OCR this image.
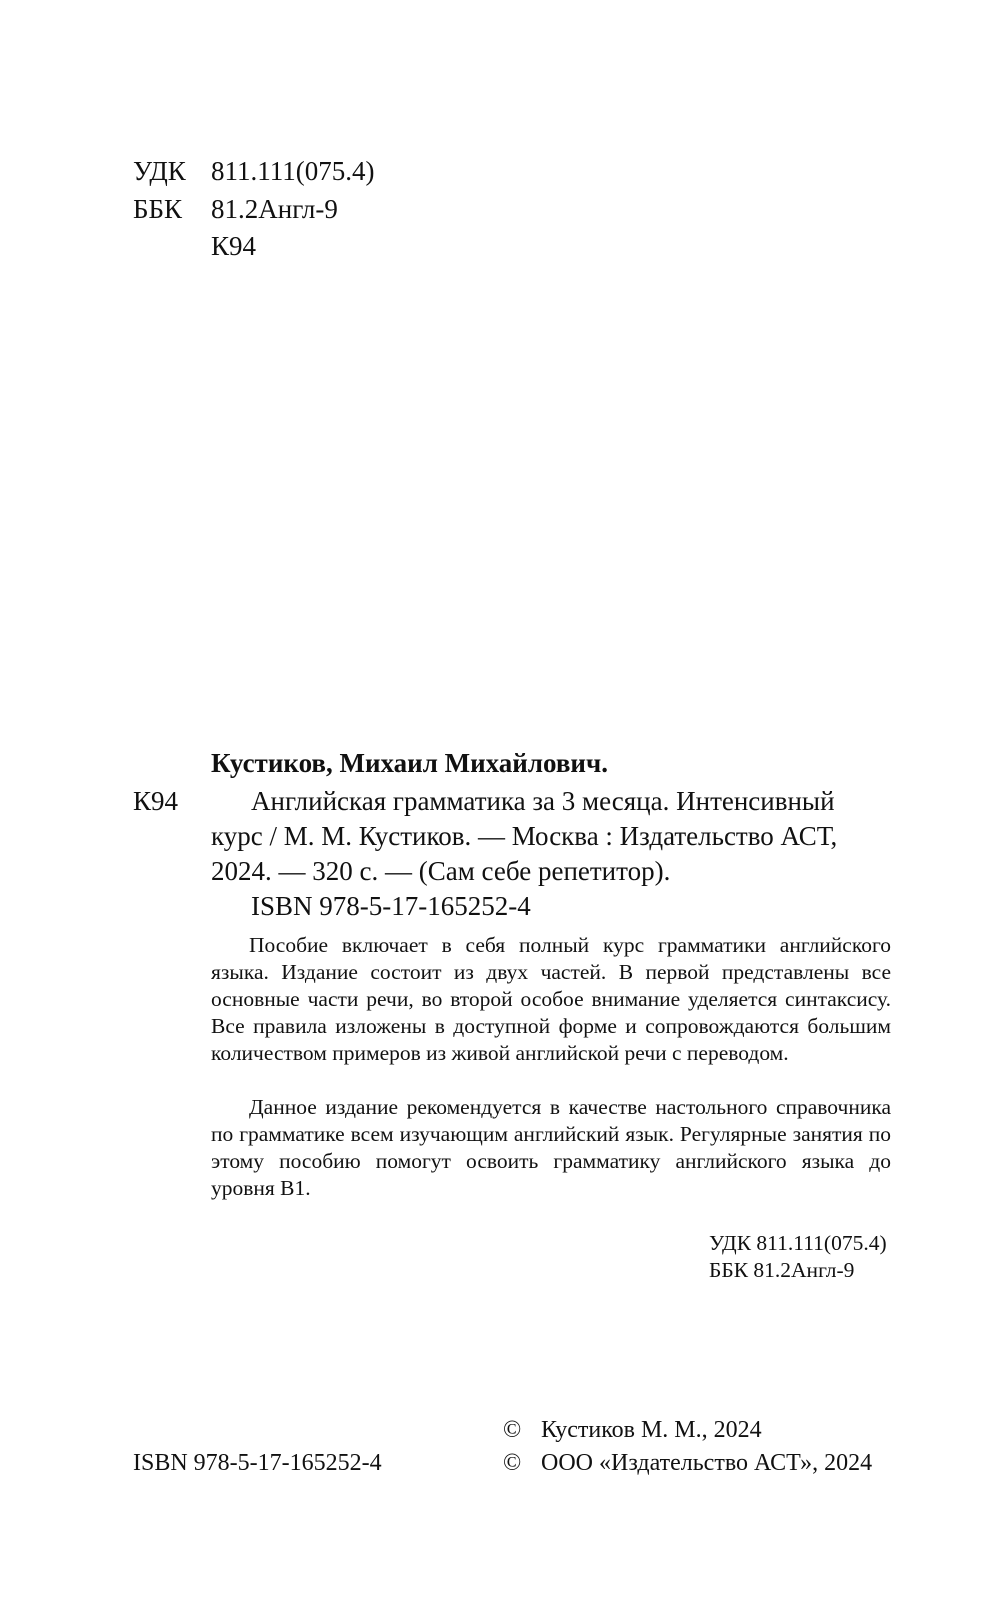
УДК 811.111(075.4)
ББК 81.2Англ-9
К94
Кустиков, Михаил Михайлович.
К94	Английская грамматика за 3 месяца. Интенсивный
курс / М. М. Кустиков. — Москва : Издательство АСТ,
2024. — 320 с. — (Сам себе репетитор).
ISBN 978-5-17-165252-4

Пособие включает в себя полный курс грамматики английского языка. Издание состоит из двух частей. В первой представлены все основные части речи, во второй особое внимание уделяется синтаксису. Все правила изложены в доступной форме и сопровождаются большим количеством примеров из живой английской речи с переводом.

Данное издание рекомендуется в качестве настольного справочника по грамматике всем изучающим английский язык. Регулярные занятия по этому пособию помогут освоить грамматику английского языка до уровня B1.

УДК 811.111(075.4)
ББК 81.2Англ-9
ISBN 978-5-17-165252-4
© Кустиков М. М., 2024
© ООО «Издательство АСТ», 2024
